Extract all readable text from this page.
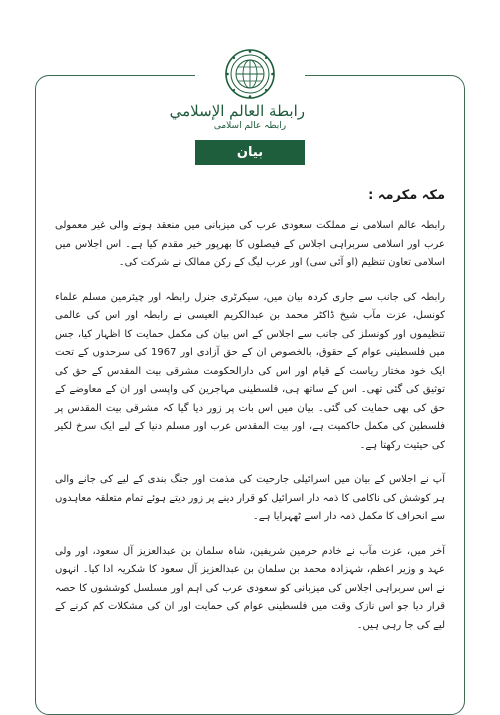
رابطة العالم الإسلامي
رابطہ عالم اسلامی
بیان
مکہ مکرمہ :

رابطہ عالم اسلامی نے مملکت سعودی عرب کی میزبانی میں منعقد ہونے والی غیر معمولی عرب اور اسلامی سربراہی اجلاس کے فیصلوں کا بھرپور خیر مقدم کیا ہے۔ اس اجلاس میں اسلامی تعاون تنظیم (او آئی سی) اور عرب لیگ کے رکن ممالک نے شرکت کی۔

رابطہ کی جانب سے جاری کردہ بیان میں، سیکرٹری جنرل رابطہ اور چیئرمین مسلم علماء کونسل، عزت مآب شیخ ڈاکٹر محمد بن عبدالکریم العیسی نے رابطہ اور اس کی عالمی تنظیموں اور کونسلز کی جانب سے اجلاس کے اس بیان کی مکمل حمایت کا اظہار کیا، جس میں فلسطینی عوام کے حقوق، بالخصوص ان کے حق آزادی اور 1967 کی سرحدوں کے تحت ایک خود مختار ریاست کے قیام اور اس کی دارالحکومت مشرقی بیت المقدس کے حق کی توثیق کی گئی تھی۔ اس کے ساتھ ہی، فلسطینی مہاجرین کی واپسی اور ان کے معاوضے کے حق کی بھی حمایت کی گئی۔ بیان میں اس بات پر زور دیا گیا کہ مشرقی بیت المقدس پر فلسطین کی مکمل حاکمیت ہے، اور بیت المقدس عرب اور مسلم دنیا کے لیے ایک سرخ لکیر کی حیثیت رکھتا ہے۔

آپ نے اجلاس کے بیان میں اسرائیلی جارحیت کی مذمت اور جنگ بندی کے لیے کی جانے والی ہر کوشش کی ناکامی کا ذمہ دار اسرائیل کو قرار دینے پر زور دیتے ہوئے تمام متعلقہ معاہدوں سے انحراف کا مکمل ذمہ دار اسے ٹھہرایا ہے۔

آخر میں، عزت مآب نے خادم حرمین شریفین، شاہ سلمان بن عبدالعزیز آل سعود، اور ولی عہد و وزیر اعظم، شہزادہ محمد بن سلمان بن عبدالعزیز آل سعود کا شکریہ ادا کیا۔ انہوں نے اس سربراہی اجلاس کی میزبانی کو سعودی عرب کی اہم اور مسلسل کوششوں کا حصہ قرار دیا جو اس نازک وقت میں فلسطینی عوام کی حمایت اور ان کی مشکلات کم کرنے کے لیے کی جا رہی ہیں۔
